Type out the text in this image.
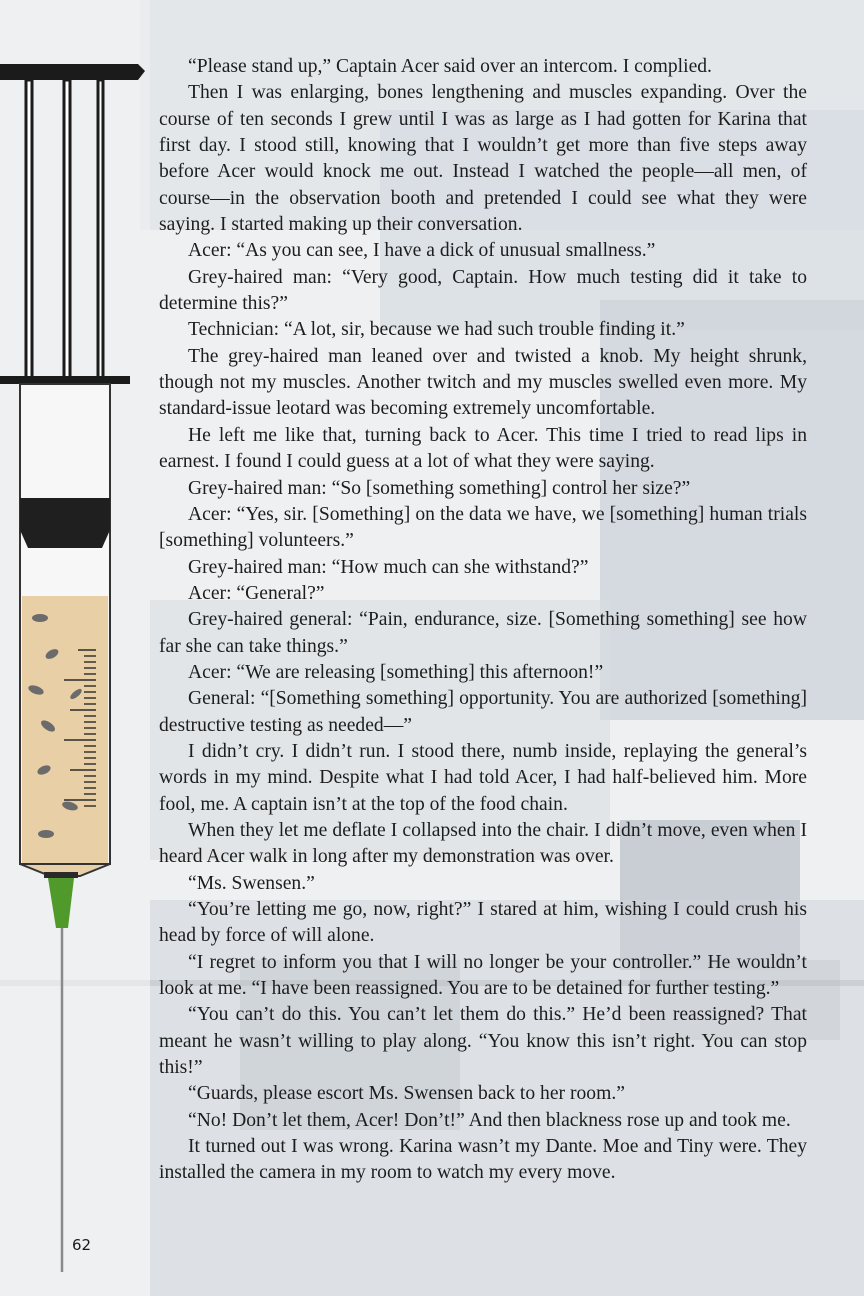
“Please stand up,” Captain Acer said over an intercom. I complied.

Then I was enlarging, bones lengthening and muscles expanding. Over the course of ten seconds I grew until I was as large as I had gotten for Karina that first day. I stood still, knowing that I wouldn’t get more than five steps away before Acer would knock me out. Instead I watched the people—all men, of course—in the observation booth and pretended I could see what they were saying. I started making up their conversation.

Acer: “As you can see, I have a dick of unusual smallness.”

Grey-haired man: “Very good, Captain. How much testing did it take to determine this?”

Technician: “A lot, sir, because we had such trouble finding it.”

The grey-haired man leaned over and twisted a knob. My height shrunk, though not my muscles. Another twitch and my muscles swelled even more. My standard-issue leotard was becoming extremely uncomfortable.

He left me like that, turning back to Acer. This time I tried to read lips in earnest. I found I could guess at a lot of what they were saying.

Grey-haired man: “So [something something] control her size?”

Acer: “Yes, sir. [Something] on the data we have, we [something] human trials [something] volunteers.”

Grey-haired man: “How much can she withstand?”

Acer: “General?”

Grey-haired general: “Pain, endurance, size. [Something something] see how far she can take things.”

Acer: “We are releasing [something] this afternoon!”

General: “[Something something] opportunity. You are authorized [something] destructive testing as needed—”

I didn’t cry. I didn’t run. I stood there, numb inside, replaying the general’s words in my mind. Despite what I had told Acer, I had half-believed him. More fool, me. A captain isn’t at the top of the food chain.

When they let me deflate I collapsed into the chair. I didn’t move, even when I heard Acer walk in long after my demonstration was over.

“Ms. Swensen.”

“You’re letting me go, now, right?” I stared at him, wishing I could crush his head by force of will alone.

“I regret to inform you that I will no longer be your controller.” He wouldn’t look at me. “I have been reassigned. You are to be detained for further testing.”

“You can’t do this. You can’t let them do this.” He’d been reassigned? That meant he wasn’t willing to play along. “You know this isn’t right. You can stop this!”

“Guards, please escort Ms. Swensen back to her room.”

“No! Don’t let them, Acer! Don’t!” And then blackness rose up and took me.

It turned out I was wrong. Karina wasn’t my Dante. Moe and Tiny were. They installed the camera in my room to watch my every move.

62
